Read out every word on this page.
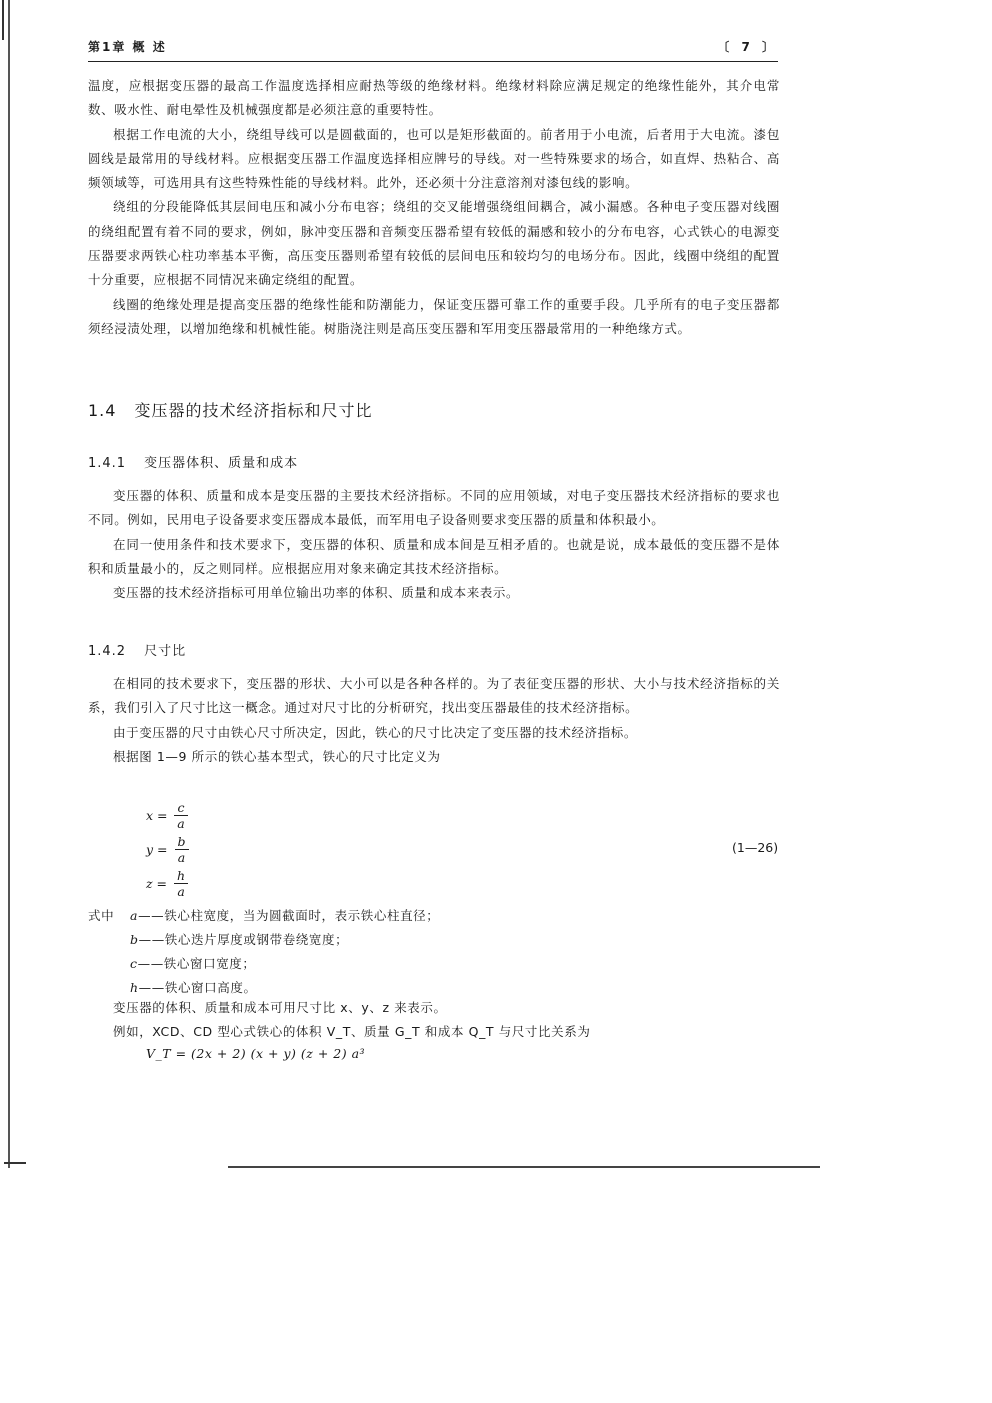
第1章 概 述	〔 7 〕

温度，应根据变压器的最高工作温度选择相应耐热等级的绝缘材料。绝缘材料除应满足规定的绝缘性能外，其介电常数、吸水性、耐电晕性及机械强度都是必须注意的重要特性。

根据工作电流的大小，绕组导线可以是圆截面的，也可以是矩形截面的。前者用于小电流，后者用于大电流。漆包圆线是最常用的导线材料。应根据变压器工作温度选择相应牌号的导线。对一些特殊要求的场合，如直焊、热粘合、高频领域等，可选用具有这些特殊性能的导线材料。此外，还必须十分注意溶剂对漆包线的影响。

绕组的分段能降低其层间电压和减小分布电容；绕组的交叉能增强绕组间耦合，减小漏感。各种电子变压器对线圈的绕组配置有着不同的要求，例如，脉冲变压器和音频变压器希望有较低的漏感和较小的分布电容，心式铁心的电源变压器要求两铁心柱功率基本平衡，高压变压器则希望有较低的层间电压和较均匀的电场分布。因此，线圈中绕组的配置十分重要，应根据不同情况来确定绕组的配置。

线圈的绝缘处理是提高变压器的绝缘性能和防潮能力，保证变压器可靠工作的重要手段。几乎所有的电子变压器都须经浸渍处理，以增加绝缘和机械性能。树脂浇注则是高压变压器和军用变压器最常用的一种绝缘方式。

1.4 变压器的技术经济指标和尺寸比
1.4.1 变压器体积、质量和成本

变压器的体积、质量和成本是变压器的主要技术经济指标。不同的应用领域，对电子变压器技术经济指标的要求也不同。例如，民用电子设备要求变压器成本最低，而军用电子设备则要求变压器的质量和体积最小。

在同一使用条件和技术要求下，变压器的体积、质量和成本间是互相矛盾的。也就是说，成本最低的变压器不是体积和质量最小的，反之则同样。应根据应用对象来确定其技术经济指标。

变压器的技术经济指标可用单位输出功率的体积、质量和成本来表示。

1.4.2 尺寸比

在相同的技术要求下，变压器的形状、大小可以是各种各样的。为了表征变压器的形状、大小与技术经济指标的关系，我们引入了尺寸比这一概念。通过对尺寸比的分析研究，找出变压器最佳的技术经济指标。

由于变压器的尺寸由铁心尺寸所决定，因此，铁心的尺寸比决定了变压器的技术经济指标。

根据图 1—9 所示的铁心基本型式，铁心的尺寸比定义为

$x = \frac{c}{a}$
$y = \frac{b}{a}$
$z = \frac{h}{a}$
(1—26)
式中 a——铁心柱宽度，当为圆截面时，表示铁心柱直径；
b——铁心迭片厚度或钢带卷绕宽度；
c——铁心窗口宽度；
h——铁心窗口高度。

变压器的体积、质量和成本可用尺寸比 x、y、z 来表示。

例如，XCD、CD 型心式铁心的体积 V_T、质量 G_T 和成本 Q_T 与尺寸比关系为

V_T = (2x + 2) (x + y) (z + 2) a³
